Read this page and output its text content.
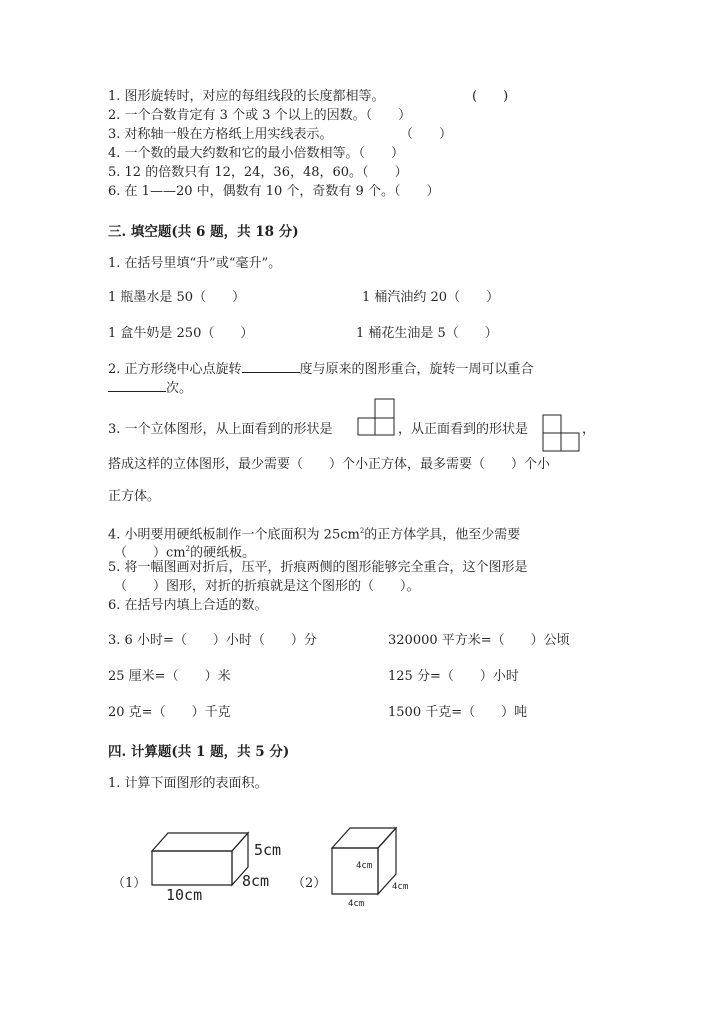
1. 图形旋转时，对应的每组线段的长度都相等。	(　　)
2. 一个合数肯定有 3 个或 3 个以上的因数。（　　）
3. 对称轴一般在方格纸上用实线表示。	（　　）
4. 一个数的最大约数和它的最小倍数相等。（　　）
5. 12 的倍数只有 12，24，36，48，60。（　　）
6. 在 1——20 中，偶数有 10 个，奇数有 9 个。（　　）
三. 填空题(共 6 题，共 18 分)
1. 在括号里填“升”或“毫升”。
1 瓶墨水是 50（　　）	1 桶汽油约 20（　　）
1 盒牛奶是 250（　　）	1 桶花生油是 5（　　）
2. 正方形绕中心点旋转	度与原来的图形重合，旋转一周可以重合
次。
3. 一个立体图形，从上面看到的形状是	，从正面看到的形状是	，
搭成这样的立体图形，最少需要（　　）个小正方体，最多需要（　　）个小
正方体。
4. 小明要用硬纸板制作一个底面积为 $25cm^2$的正方体学具，他至少需要
（　　）$cm^2$的硬纸板。
5. 将一幅图画对折后，压平，折痕两侧的图形能够完全重合，这个图形是
（　　）图形，对折的折痕就是这个图形的（　　）。
6. 在括号内填上合适的数。
3. 6 小时=（　　）小时（　　）分	320000 平方米=（　　）公顷
25 厘米=（　　）米	125 分=（　　）小时
20 克=（　　）千克	1500 千克=（　　）吨
四. 计算题(共 1 题，共 5 分)
1. 计算下面图形的表面积。
（1）
5cm
8cm
10cm
（2）
4cm
4cm
4cm
